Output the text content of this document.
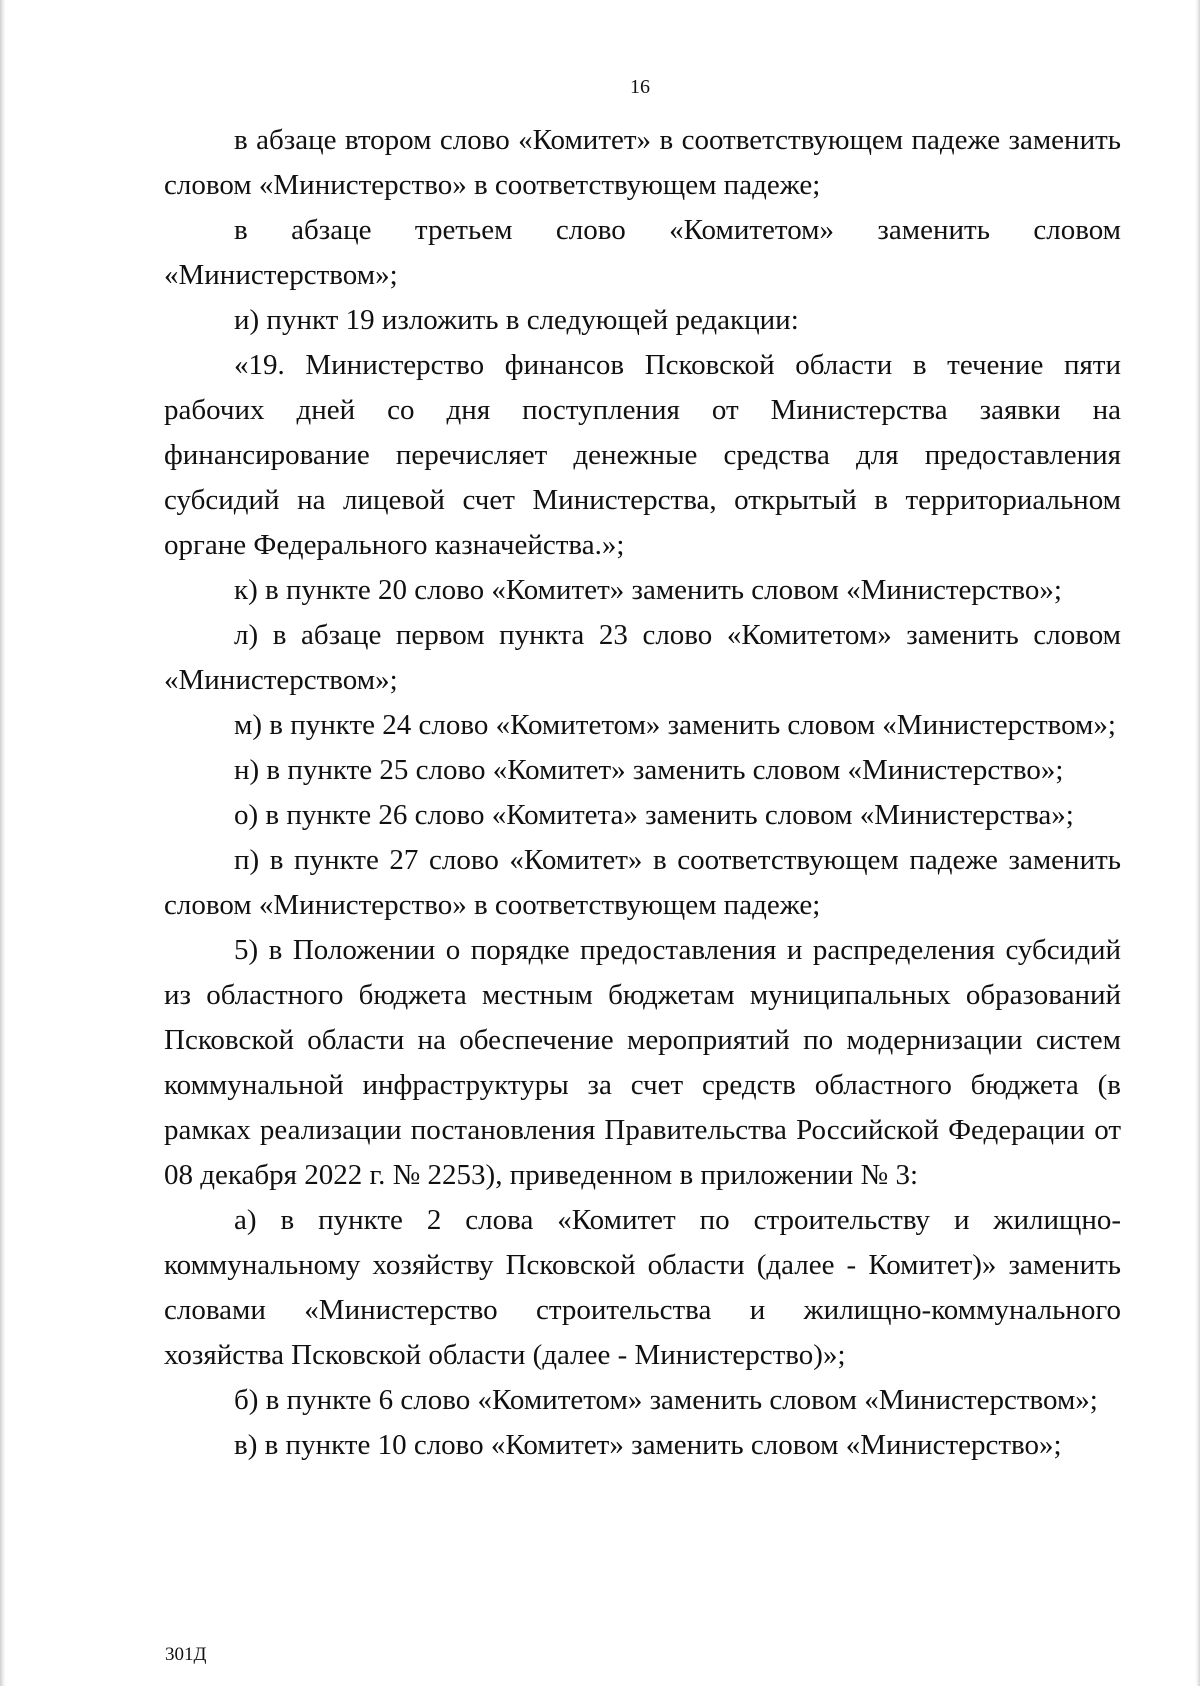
16

в абзаце втором слово «Комитет» в соответствующем падеже заменить словом «Министерство» в соответствующем падеже;

в абзаце третьем слово «Комитетом» заменить словом «Министерством»;

и) пункт 19 изложить в следующей редакции:

«19. Министерство финансов Псковской области в течение пяти рабочих дней со дня поступления от Министерства заявки на финансирование перечисляет денежные средства для предоставления субсидий на лицевой счет Министерства, открытый в территориальном органе Федерального казначейства.»;

к) в пункте 20 слово «Комитет» заменить словом «Министерство»;

л) в абзаце первом пункта 23 слово «Комитетом» заменить словом «Министерством»;

м) в пункте 24 слово «Комитетом» заменить словом «Министерством»;

н) в пункте 25 слово «Комитет» заменить словом «Министерство»;

о) в пункте 26 слово «Комитета» заменить словом «Министерства»;

п) в пункте 27 слово «Комитет» в соответствующем падеже заменить словом «Министерство» в соответствующем падеже;

5) в Положении о порядке предоставления и распределения субсидий из областного бюджета местным бюджетам муниципальных образований Псковской области на обеспечение мероприятий по модернизации систем коммунальной инфраструктуры за счет средств областного бюджета (в рамках реализации постановления Правительства Российской Федерации от 08 декабря 2022 г. № 2253), приведенном в приложении № 3:

а) в пункте 2 слова «Комитет по строительству и жилищно-коммунальному хозяйству Псковской области (далее - Комитет)» заменить словами «Министерство строительства и жилищно-коммунального хозяйства Псковской области (далее - Министерство)»;

б) в пункте 6 слово «Комитетом» заменить словом «Министерством»;

в) в пункте 10 слово «Комитет» заменить словом «Министерство»;

301Д
